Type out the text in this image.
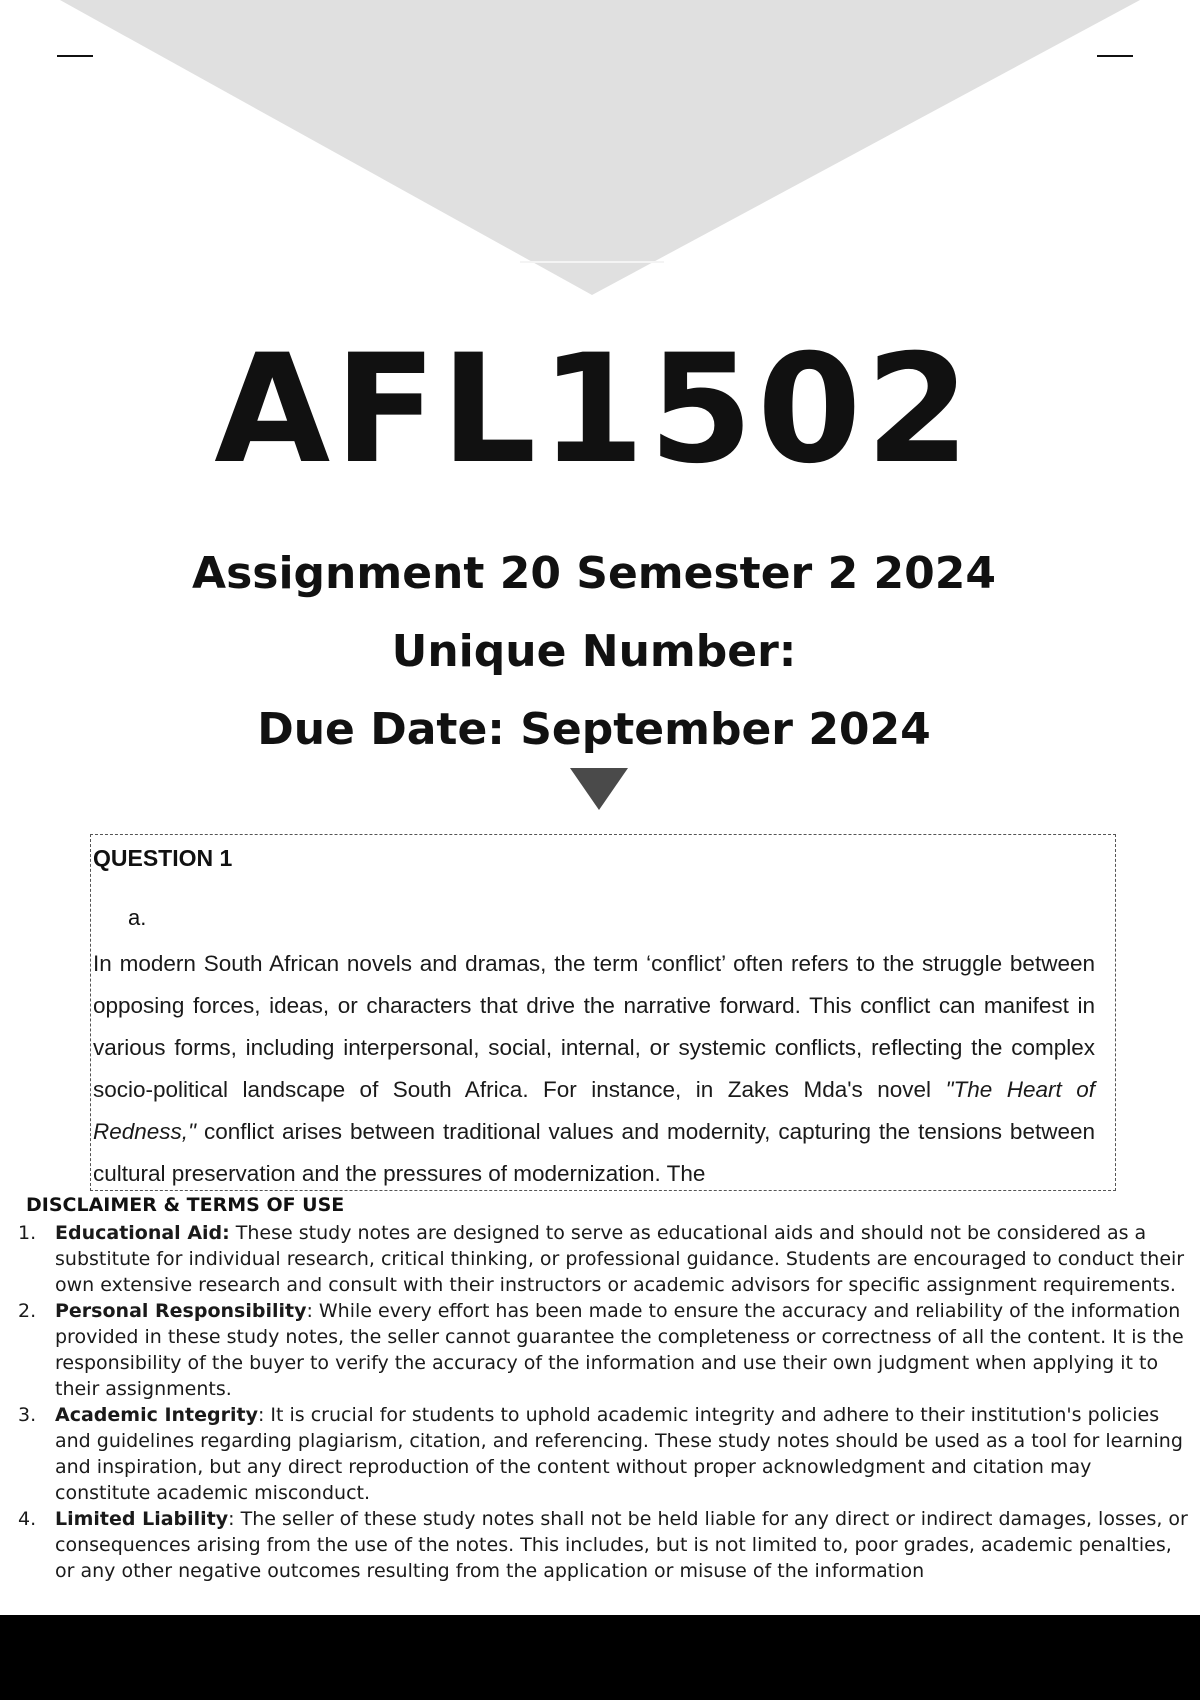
AFL1502
Assignment 20 Semester 2 2024
Unique Number:
Due Date: September 2024
QUESTION 1
a.

In modern South African novels and dramas, the term ‘conflict’ often refers to the struggle between opposing forces, ideas, or characters that drive the narrative forward. This conflict can manifest in various forms, including interpersonal, social, internal, or systemic conflicts, reflecting the complex socio-political landscape of South Africa. For instance, in Zakes Mda's novel "The Heart of Redness," conflict arises between traditional values and modernity, capturing the tensions between cultural preservation and the pressures of modernization. The

DISCLAIMER & TERMS OF USE
1. Educational Aid: These study notes are designed to serve as educational aids and should not be considered as a substitute for individual research, critical thinking, or professional guidance. Students are encouraged to conduct their own extensive research and consult with their instructors or academic advisors for specific assignment requirements.
2. Personal Responsibility: While every effort has been made to ensure the accuracy and reliability of the information provided in these study notes, the seller cannot guarantee the completeness or correctness of all the content. It is the responsibility of the buyer to verify the accuracy of the information and use their own judgment when applying it to their assignments.
3. Academic Integrity: It is crucial for students to uphold academic integrity and adhere to their institution's policies and guidelines regarding plagiarism, citation, and referencing. These study notes should be used as a tool for learning and inspiration, but any direct reproduction of the content without proper acknowledgment and citation may constitute academic misconduct.
4. Limited Liability: The seller of these study notes shall not be held liable for any direct or indirect damages, losses, or consequences arising from the use of the notes. This includes, but is not limited to, poor grades, academic penalties, or any other negative outcomes resulting from the application or misuse of the information
